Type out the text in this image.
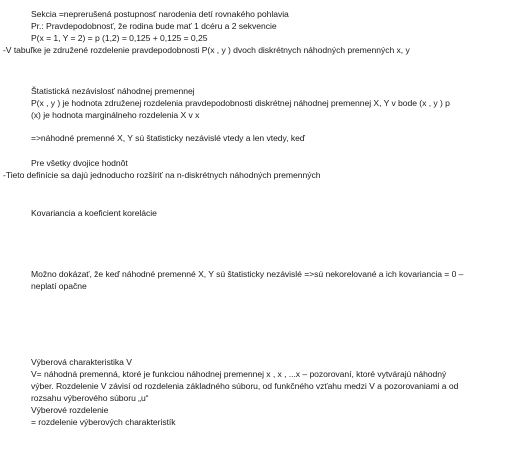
Sekcia =neprerušená postupnosť narodenia detí rovnakého pohlavia
Pr.: Pravdepodobnosť, že rodina bude mať 1 dcéru a 2 sekvencie
P(x = 1, Y = 2) = p (1,2) = 0,125 + 0,125 = 0,25
-V tabuľke je združené rozdelenie pravdepodobnosti P(x , y ) dvoch diskrétnych náhodných premenných x, y
Štatistická nezávislosť náhodnej premennej
P(x , y ) je hodnota združenej rozdelenia pravdepodobnosti diskrétnej náhodnej premennej X, Y v bode (x , y ) p
(x) je hodnota marginálneho rozdelenia X v x
=>náhodné premenné X, Y sú štatisticky nezávislé vtedy a len vtedy, keď
Pre všetky dvojice hodnôt
-Tieto definície sa dajú jednoducho rozšíriť na n-diskrétnych náhodných premenných
Kovariancia a koeficient korelácie
Možno dokázať, že keď náhodné premenné X, Y sú štatisticky nezávislé =>sú nekorelované a ich kovariancia = 0 –
neplatí opačne
Výberová charakteristika V
V= náhodná premenná, ktoré je funkciou náhodnej premennej x , x , ...x – pozorovaní, ktoré vytvárajú náhodný
výber. Rozdelenie V závisí od rozdelenia základného súboru, od funkčného vzťahu medzi V a pozorovaniami a od
rozsahu výberového súboru „u“
Výberové rozdelenie
= rozdelenie výberových charakteristík
